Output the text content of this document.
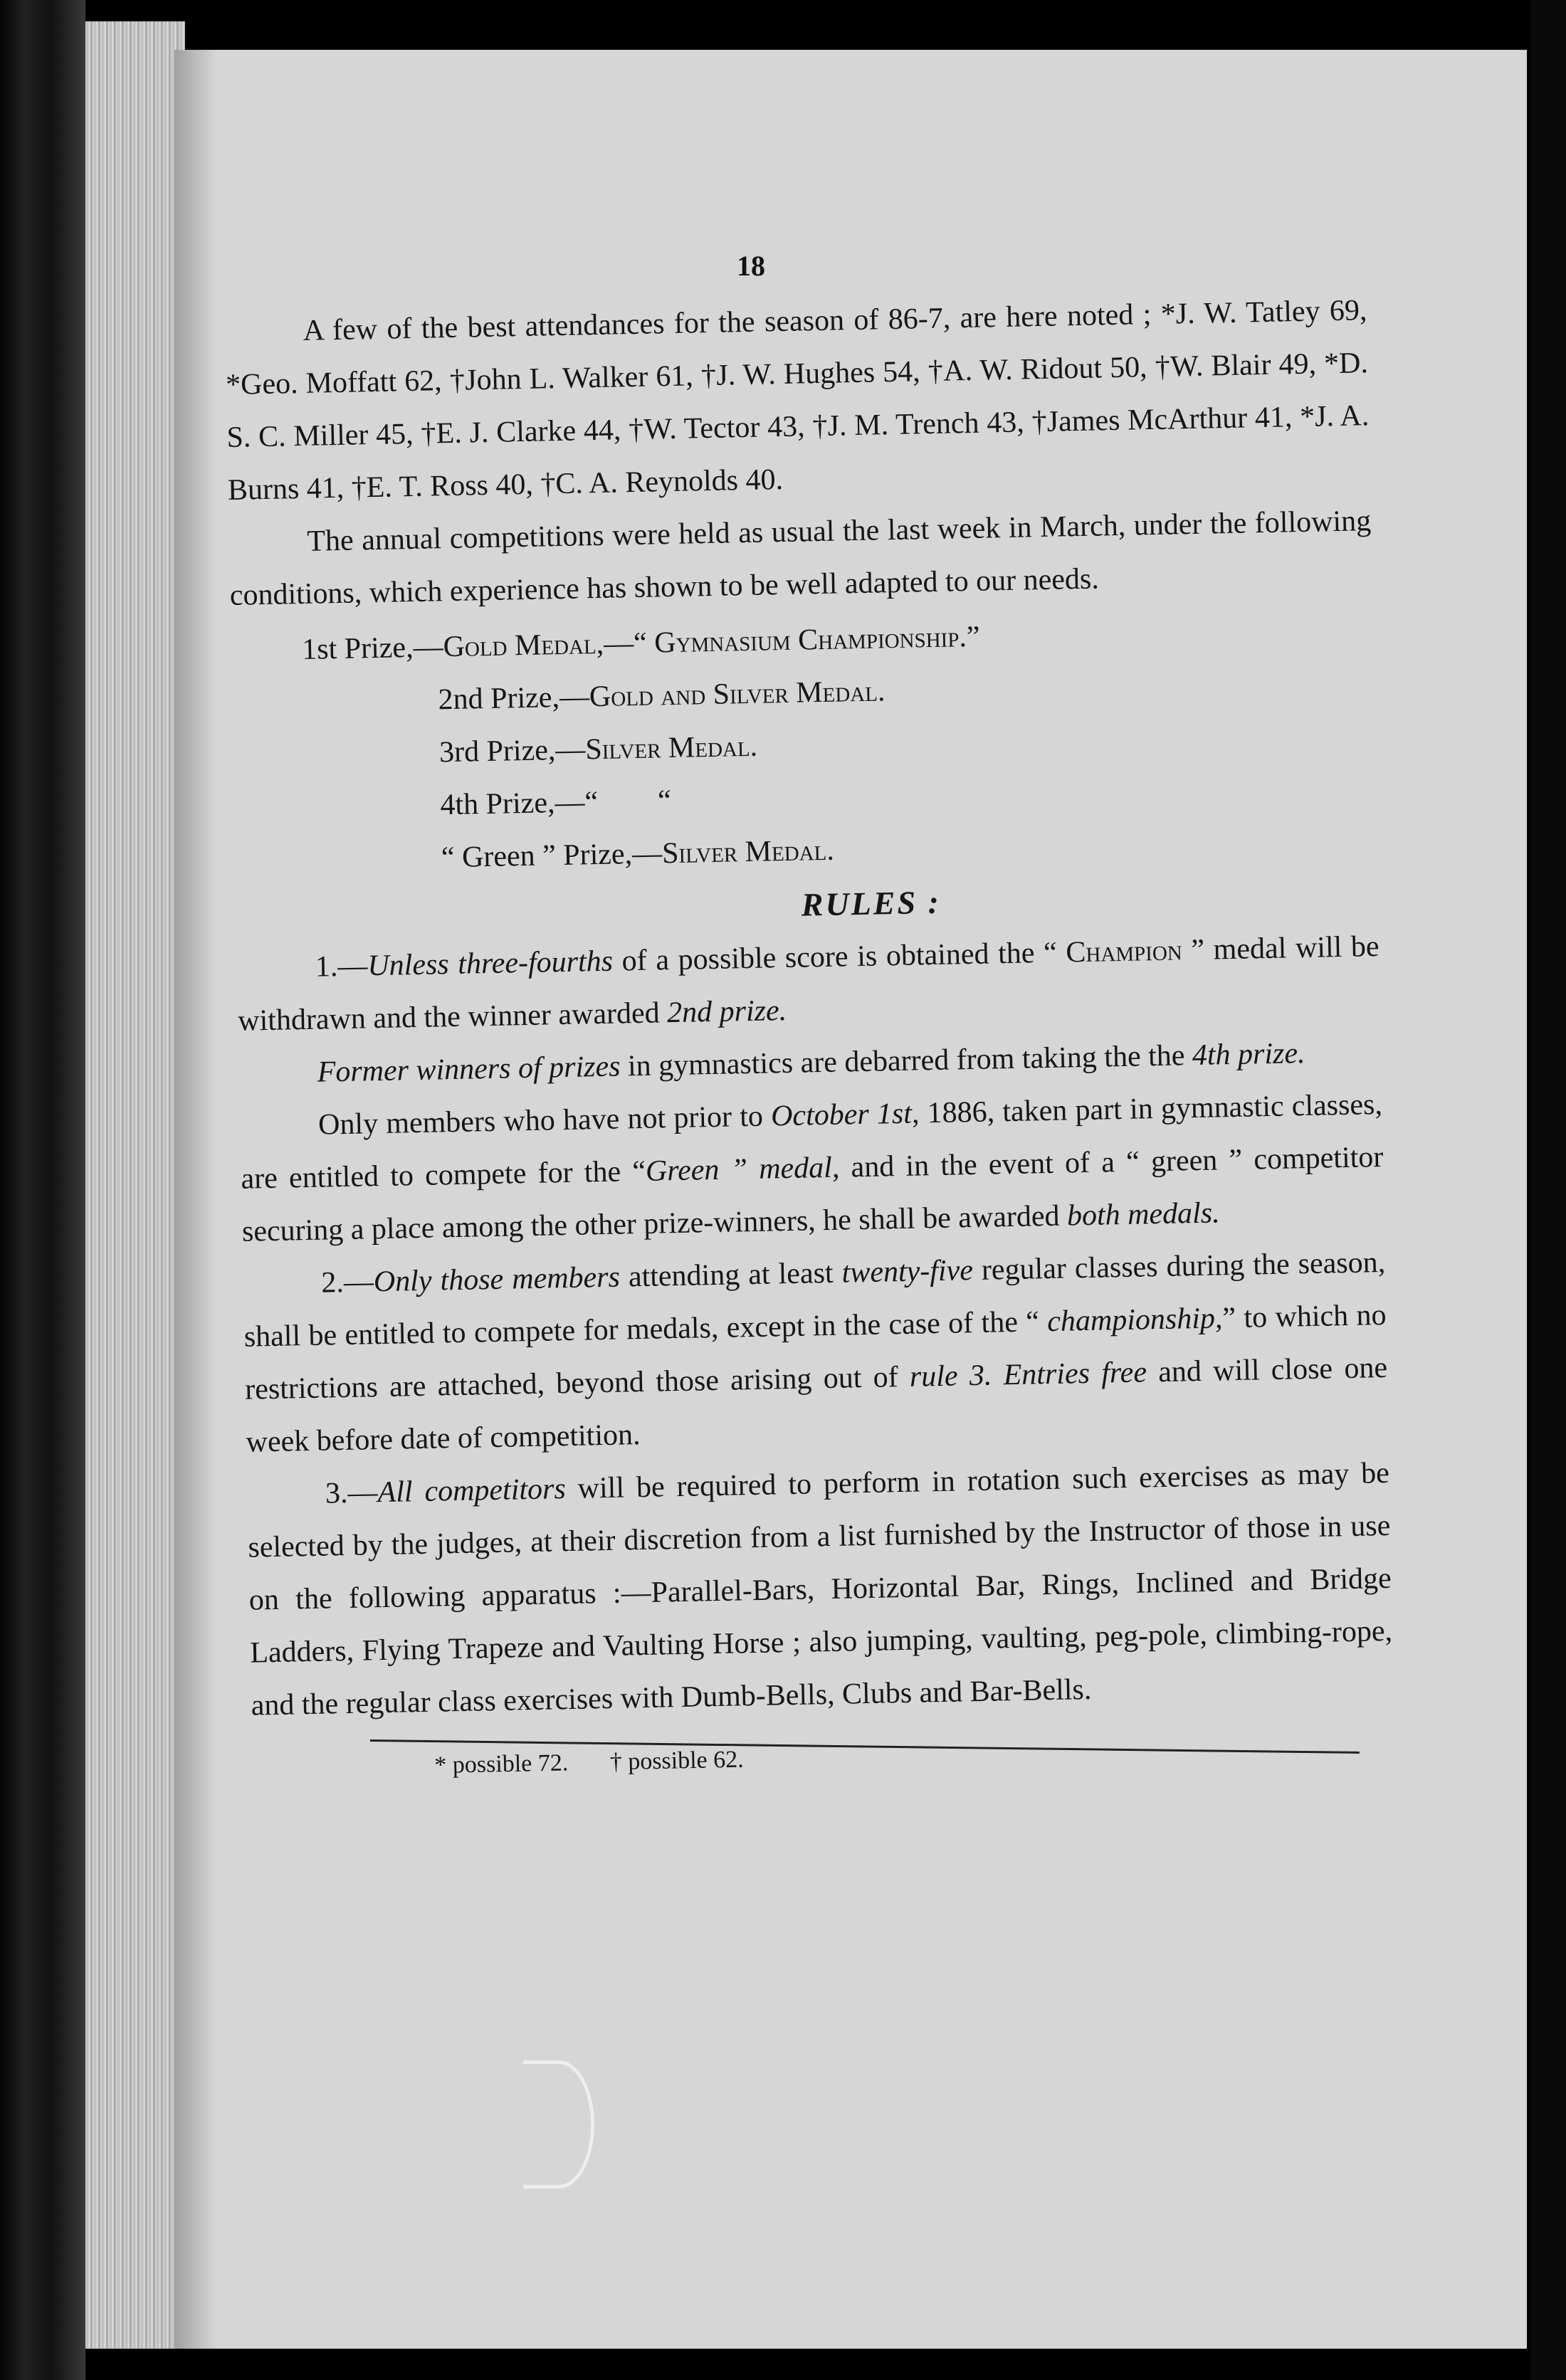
18

A few of the best attendances for the season of 86-7, are here noted ; *J. W. Tatley 69, *Geo. Moffatt 62, †John L. Walker 61, †J. W. Hughes 54, †A. W. Ridout 50, †W. Blair 49, *D. S. C. Miller 45, †E. J. Clarke 44, †W. Tector 43, †J. M. Trench 43, †James McArthur 41, *J. A. Burns 41, †E. T. Ross 40, †C. A. Reynolds 40.

The annual competitions were held as usual the last week in March, under the following conditions, which experience has shown to be well adapted to our needs.

1st Prize,—Gold Medal,—“ Gymnasium Championship.”
2nd Prize,—Gold and Silver Medal.
3rd Prize,—Silver Medal.
4th Prize,—“        “
“ Green ” Prize,—Silver Medal.
RULES :

1.—Unless three-fourths of a possible score is obtained the “ Champion ” medal will be withdrawn and the winner awarded 2nd prize.

Former winners of prizes in gymnastics are debarred from taking the the 4th prize.

Only members who have not prior to October 1st, 1886, taken part in gymnastic classes, are entitled to compete for the “Green ” medal, and in the event of a “ green ” competitor securing a place among the other prize-winners, he shall be awarded both medals.

2.—Only those members attending at least twenty-five regular classes during the season, shall be entitled to compete for medals, except in the case of the “ championship,” to which no restrictions are attached, beyond those arising out of rule 3. Entries free and will close one week before date of competition.

3.—All competitors will be required to perform in rotation such exercises as may be selected by the judges, at their discretion from a list furnished by the Instructor of those in use on the following apparatus :—Parallel-Bars, Horizontal Bar, Rings, Inclined and Bridge Ladders, Flying Trapeze and Vaulting Horse ; also jumping, vaulting, peg-pole, climbing-rope, and the regular class exercises with Dumb-Bells, Clubs and Bar-Bells.

* possible 72. † possible 62.
